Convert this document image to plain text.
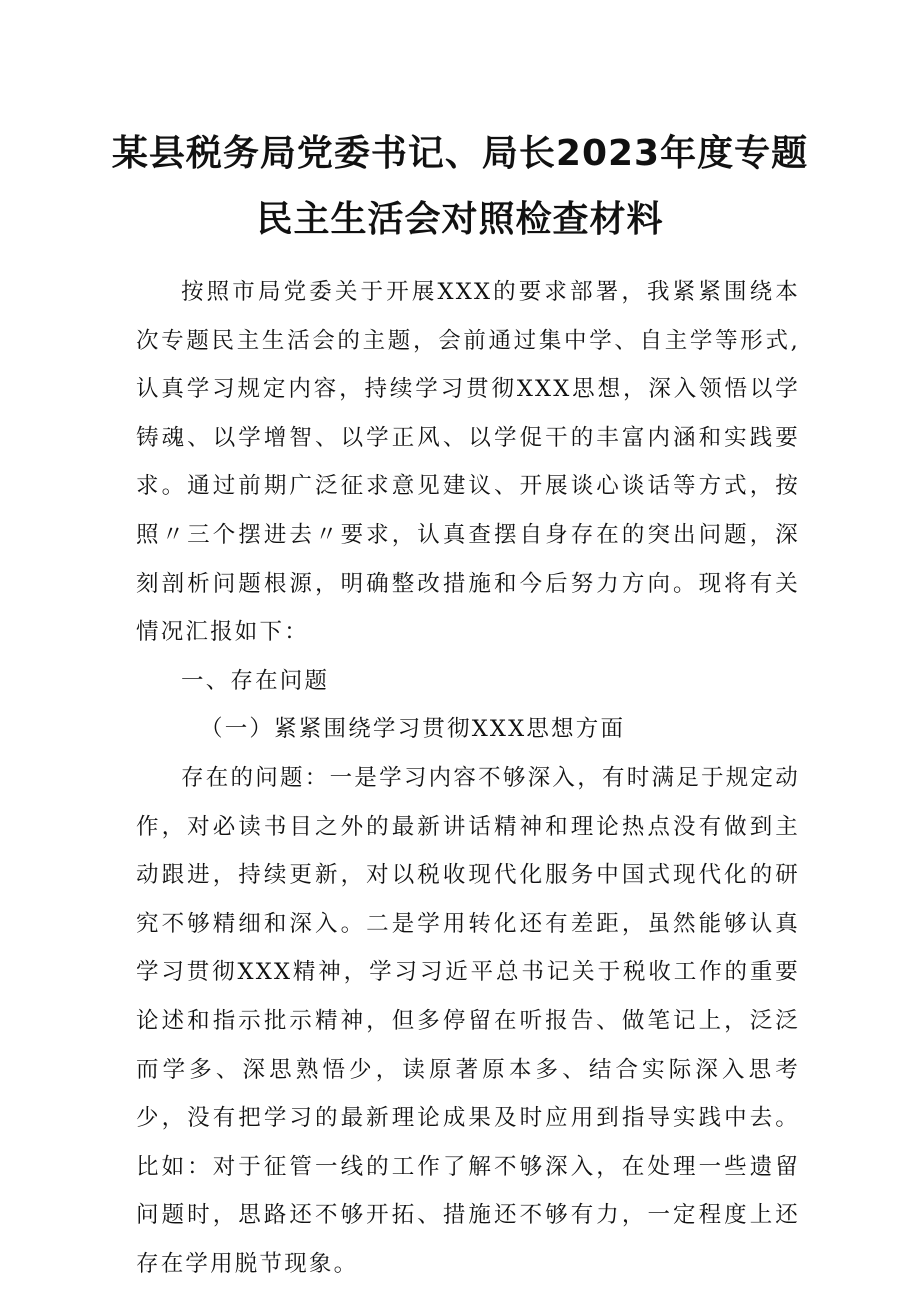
某县税务局党委书记、局长2023年度专题
民主生活会对照检查材料

按照市局党委关于开展XXX的要求部署，我紧紧围绕本次专题民主生活会的主题，会前通过集中学、自主学等形式,认真学习规定内容，持续学习贯彻XXX思想，深入领悟以学铸魂、以学增智、以学正风、以学促干的丰富内涵和实践要求。通过前期广泛征求意见建议、开展谈心谈话等方式，按照〃三个摆进去〃要求，认真查摆自身存在的突出问题，深刻剖析问题根源，明确整改措施和今后努力方向。现将有关情况汇报如下：

一、存在问题
（一）紧紧围绕学习贯彻XXX思想方面

存在的问题：一是学习内容不够深入，有时满足于规定动作，对必读书目之外的最新讲话精神和理论热点没有做到主动跟进，持续更新，对以税收现代化服务中国式现代化的研究不够精细和深入。二是学用转化还有差距，虽然能够认真学习贯彻XXX精神，学习习近平总书记关于税收工作的重要论述和指示批示精神，但多停留在听报告、做笔记上，泛泛而学多、深思熟悟少，读原著原本多、结合实际深入思考少，没有把学习的最新理论成果及时应用到指导实践中去。比如：对于征管一线的工作了解不够深入，在处理一些遗留问题时，思路还不够开拓、措施还不够有力，一定程度上还存在学用脱节现象。
